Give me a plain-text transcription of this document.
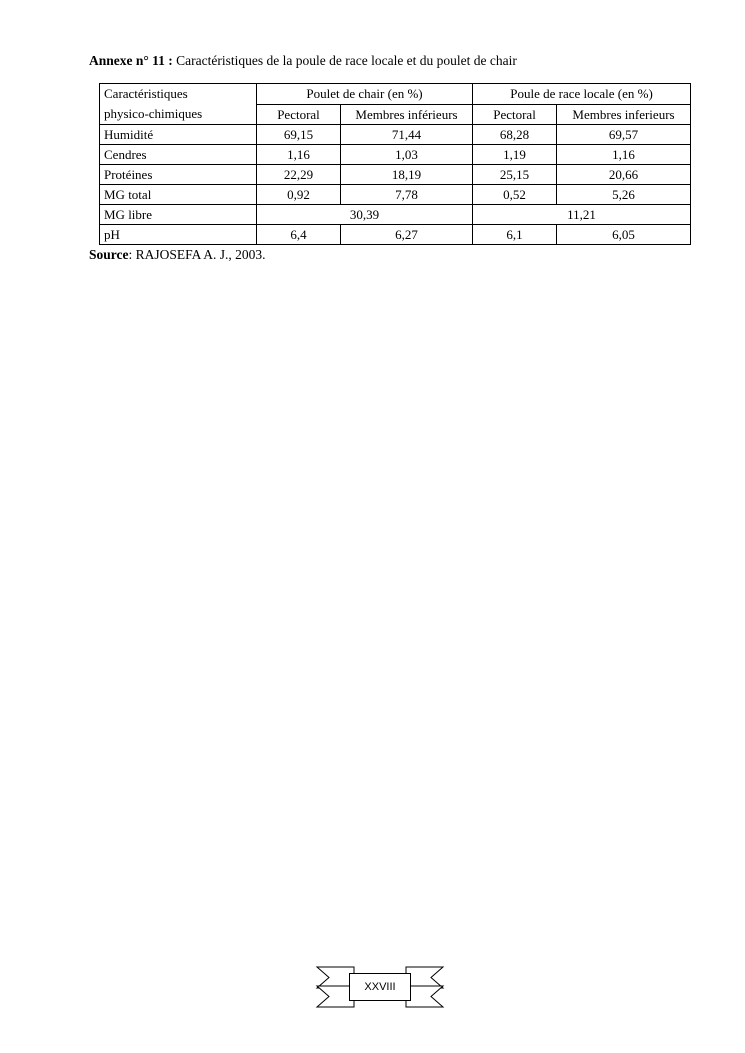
Annexe n° 11 : Caractéristiques de la poule de race locale et du poulet de chair
Caractéristiques
physico-chimiques	Poulet de chair (en %)		Poule de race locale (en %)	
	Pectoral	Membres inférieurs	Pectoral	Membres inferieurs
Humidité	69,15	71,44	68,28	69,57
Cendres	1,16	1,03	1,19	1,16
Protéines	22,29	18,19	25,15	20,66
MG total	0,92	7,78	0,52	5,26
MG libre	30,39		11,21	
pH	6,4	6,27	6,1	6,05
Source: RAJOSEFA A. J., 2003.
XXVIII
